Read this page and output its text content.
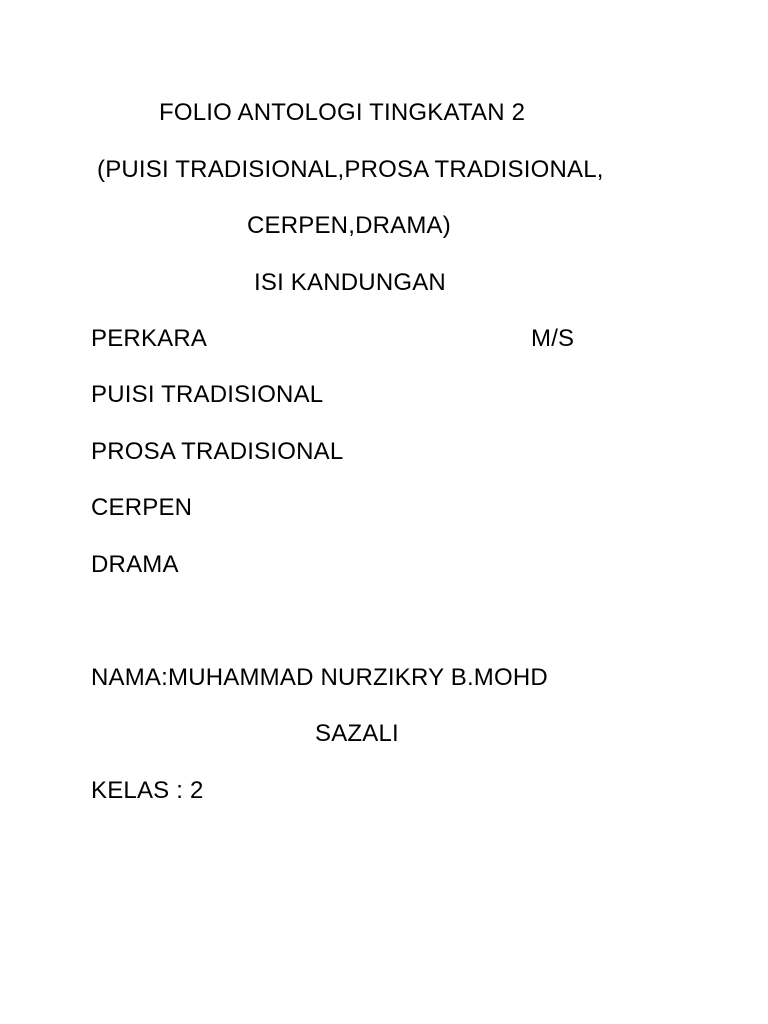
FOLIO ANTOLOGI TINGKATAN 2
(PUISI TRADISIONAL,PROSA TRADISIONAL,
CERPEN,DRAMA)
ISI KANDUNGAN
PERKARA	M/S
PUISI TRADISIONAL
PROSA TRADISIONAL
CERPEN
DRAMA
NAMA:MUHAMMAD NURZIKRY B.MOHD
SAZALI
KELAS : 2
